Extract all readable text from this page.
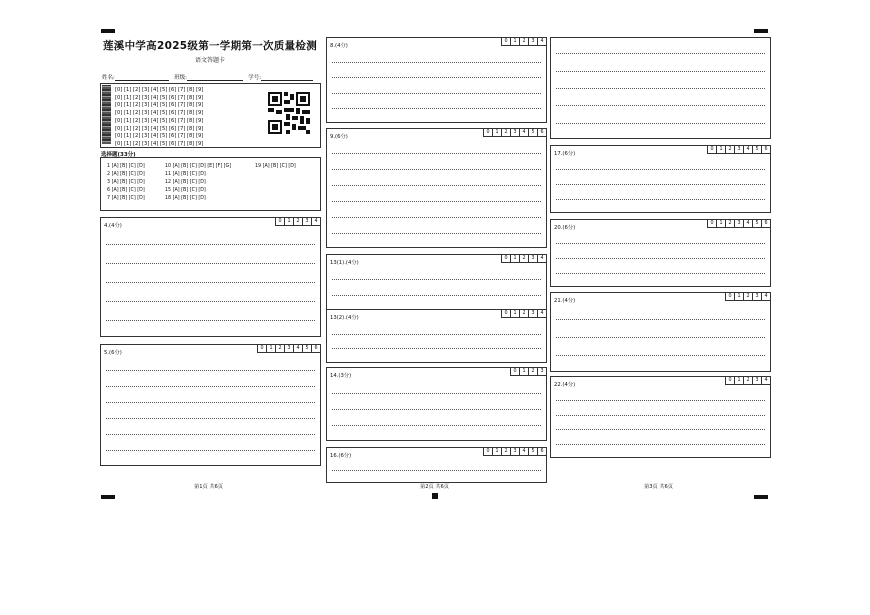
莲溪中学高2025级第一学期第一次质量检测
语文答题卡
姓名:	班级:	学号:
[0] [1] [2] [3] [4] [5] [6] [7] [8] [9]
[0] [1] [2] [3] [4] [5] [6] [7] [8] [9]
[0] [1] [2] [3] [4] [5] [6] [7] [8] [9]
[0] [1] [2] [3] [4] [5] [6] [7] [8] [9]
[0] [1] [2] [3] [4] [5] [6] [7] [8] [9]
[0] [1] [2] [3] [4] [5] [6] [7] [8] [9]
[0] [1] [2] [3] [4] [5] [6] [7] [8] [9]
[0] [1] [2] [3] [4] [5] [6] [7] [8] [9]
选择题(33分)
1 [A] [B] [C] [D]
2 [A] [B] [C] [D]
3 [A] [B] [C] [D]
6 [A] [B] [C] [D]
7 [A] [B] [C] [D]
10 [A] [B] [C] [D] [E] [F] [G]
11 [A] [B] [C] [D]
12 [A] [B] [C] [D]
15 [A] [B] [C] [D]
18 [A] [B] [C] [D]
19 [A] [B] [C] [D]
4.(4分)
0	1	2	3	4
5.(6分)
0	1	2	3	4	5	6
8.(4分)
0	1	2	3	4
9.(6分)
0	1	2	3	4	5	6
13(1).(4分)
0	1	2	3	4
13(2).(4分)
0	1	2	3	4
14.(3分)
0	1	2	3
16.(6分)
0	1	2	3	4	5	6
17.(6分)
0	1	2	3	4	5	6
20.(6分)
0	1	2	3	4	5	6
21.(4分)
0	1	2	3	4
22.(4分)
0	1	2	3	4
第1页 共6页	第2页 共6页	第3页 共6页
